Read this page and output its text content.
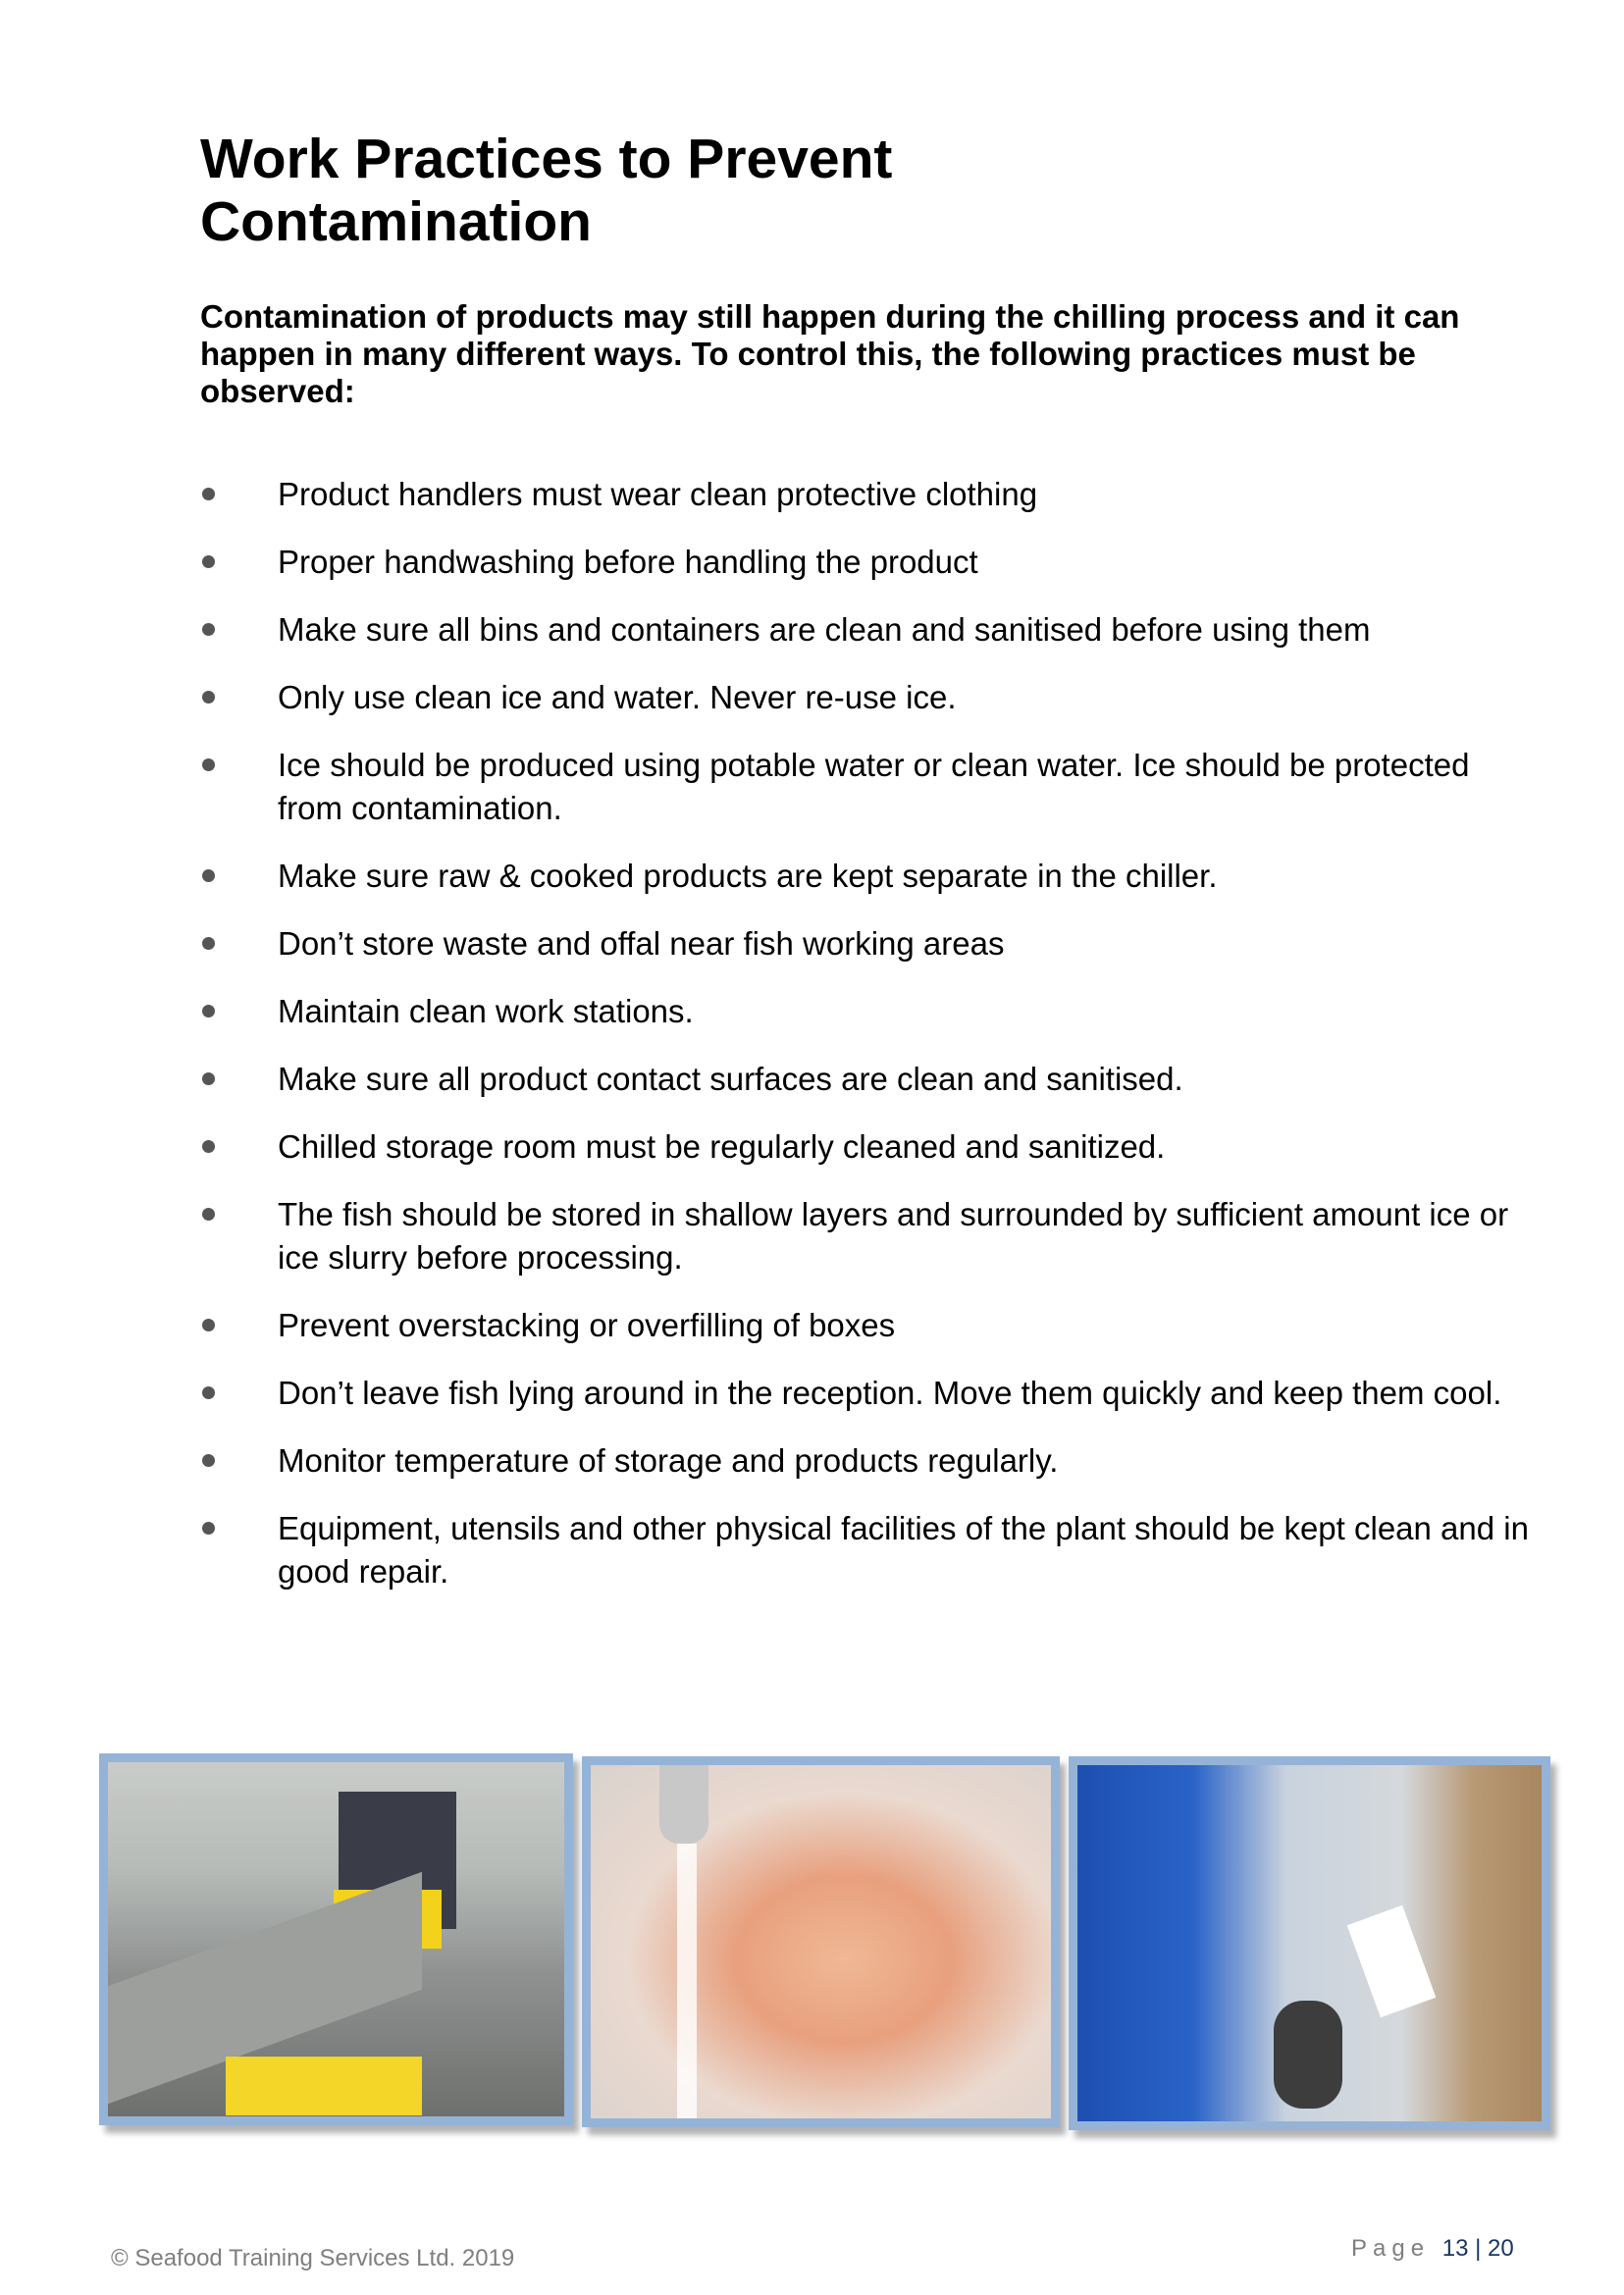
Work Practices to Prevent Contamination

Contamination of products may still happen during the chilling process and it can happen in many different ways. To control this, the following practices must be observed:

Product handlers must wear clean protective clothing
Proper handwashing before handling the product
Make sure all bins and containers are clean and sanitised before using them
Only use clean ice and water. Never re-use ice.
Ice should be produced using potable water or clean water. Ice should be protected from contamination.
Make sure raw & cooked products are kept separate in the chiller.
Don’t store waste and offal near fish working areas
Maintain clean work stations.
Make sure all product contact surfaces are clean and sanitised.
Chilled storage room must be regularly cleaned and sanitized.
The fish should be stored in shallow layers and surrounded by sufficient amount ice or ice slurry before processing.
Prevent overstacking or overfilling of boxes
Don’t leave fish lying around in the reception. Move them quickly and keep them cool.
Monitor temperature of storage and products regularly.
Equipment, utensils and other physical facilities of the plant should be kept clean and in good repair.
© Seafood Training Services Ltd. 2019	Page 13 | 20
